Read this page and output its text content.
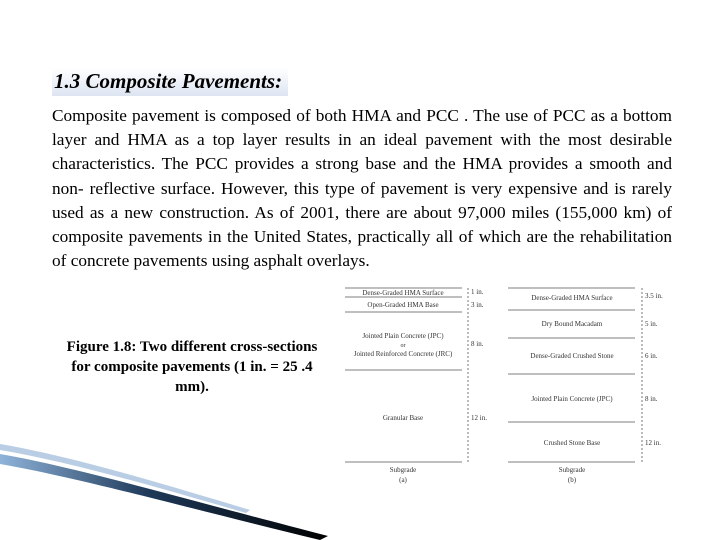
1.3 Composite Pavements:

Composite pavement is composed of both HMA and PCC . The use of PCC as a bottom layer and HMA as a top layer results in an ideal pavement with the most desirable characteristics. The PCC provides a strong base and the HMA provides a smooth and non- reflective surface. However, this type of pavement is very expensive and is rarely used as a new construction. As of 2001, there are about 97,000 miles (155,000 km) of composite pavements in the United States, practically all of which are the rehabilitation of concrete pavements using asphalt overlays.

Figure 1.8: Two different cross-sections for composite pavements (1 in. = 25 .4 mm).

Dense-Graded HMA Surface	1 in.
Open-Graded HMA Base	3 in.
Jointed Plain Concrete (JPC)
or
Jointed Reinforced Concrete (JRC)
8 in.
Granular Base	12 in.
Subgrade
(a)
Dense-Graded HMA Surface	3.5 in.
Dry Bound Macadam	5 in.
Dense-Graded Crushed Stone	6 in.
Jointed Plain Concrete (JPC)	8 in.
Crushed Stone Base	12 in.
Subgrade
(b)
